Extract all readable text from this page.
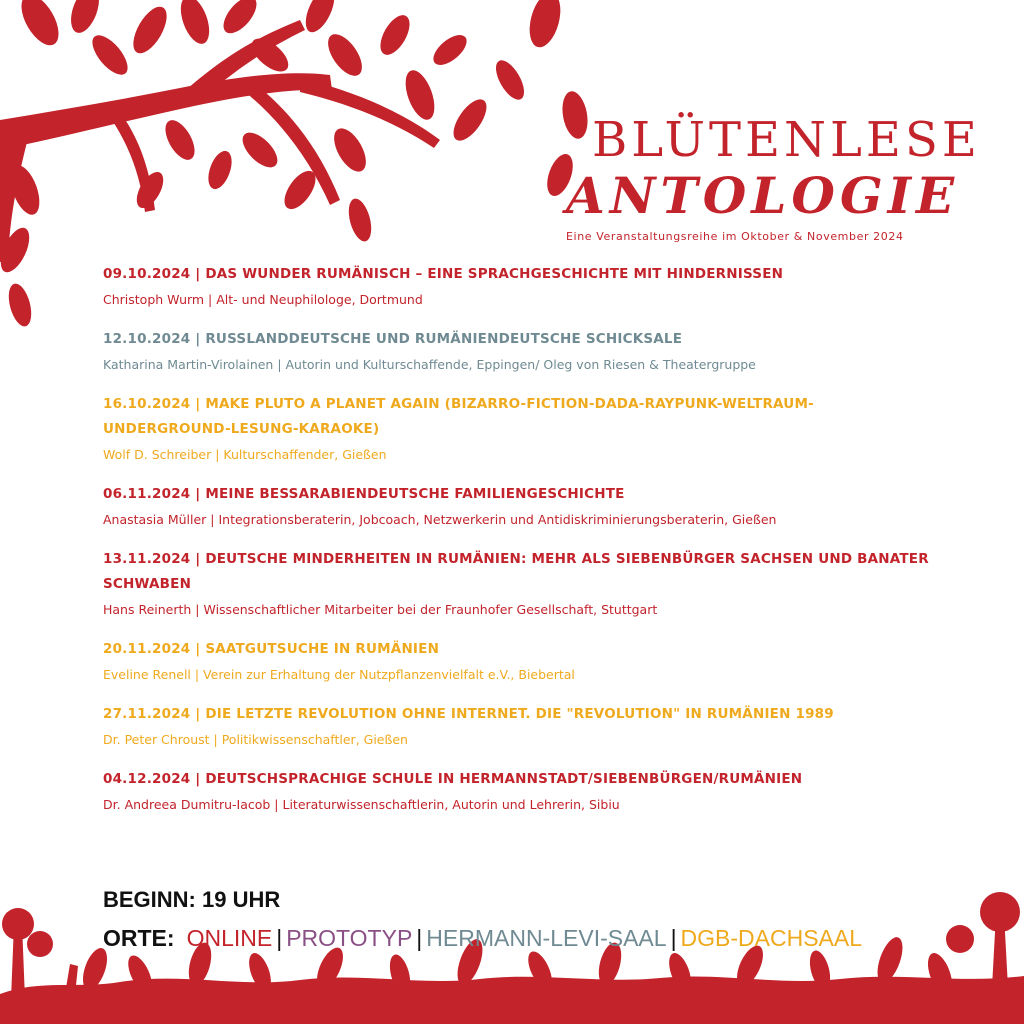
BLÜTENLESE
ANTOLOGIE
Eine Veranstaltungsreihe im Oktober & November 2024
09.10.2024 | DAS WUNDER RUMÄNISCH – EINE SPRACHGESCHICHTE MIT HINDERNISSEN
Christoph Wurm | Alt- und Neuphilologe, Dortmund
12.10.2024 | RUSSLANDDEUTSCHE UND RUMÄNIENDEUTSCHE SCHICKSALE
Katharina Martin-Virolainen | Autorin und Kulturschaffende, Eppingen/ Oleg von Riesen & Theatergruppe
16.10.2024 | MAKE PLUTO A PLANET AGAIN (BIZARRO-FICTION-DADA-RAYPUNK-WELTRAUM-UNDERGROUND-LESUNG-KARAOKE)
Wolf D. Schreiber | Kulturschaffender, Gießen
06.11.2024 | MEINE BESSARABIENDEUTSCHE FAMILIENGESCHICHTE
Anastasia Müller | Integrationsberaterin, Jobcoach, Netzwerkerin und Antidiskriminierungsberaterin, Gießen
13.11.2024 | DEUTSCHE MINDERHEITEN IN RUMÄNIEN: MEHR ALS SIEBENBÜRGER SACHSEN UND BANATER SCHWABEN
Hans Reinerth | Wissenschaftlicher Mitarbeiter bei der Fraunhofer Gesellschaft, Stuttgart
20.11.2024 | SAATGUTSUCHE IN RUMÄNIEN
Eveline Renell | Verein zur Erhaltung der Nutzpflanzenvielfalt e.V., Biebertal
27.11.2024 | DIE LETZTE REVOLUTION OHNE INTERNET. DIE "REVOLUTION" IN RUMÄNIEN 1989
Dr. Peter Chroust | Politikwissenschaftler, Gießen
04.12.2024 | DEUTSCHSPRACHIGE SCHULE IN HERMANNSTADT/SIEBENBÜRGEN/RUMÄNIEN
Dr. Andreea Dumitru-Iacob | Literaturwissenschaftlerin, Autorin und Lehrerin, Sibiu
BEGINN: 19 UHR
ORTE: ONLINE | PROTOTYP | HERMANN-LEVI-SAAL | DGB-DACHSAAL
